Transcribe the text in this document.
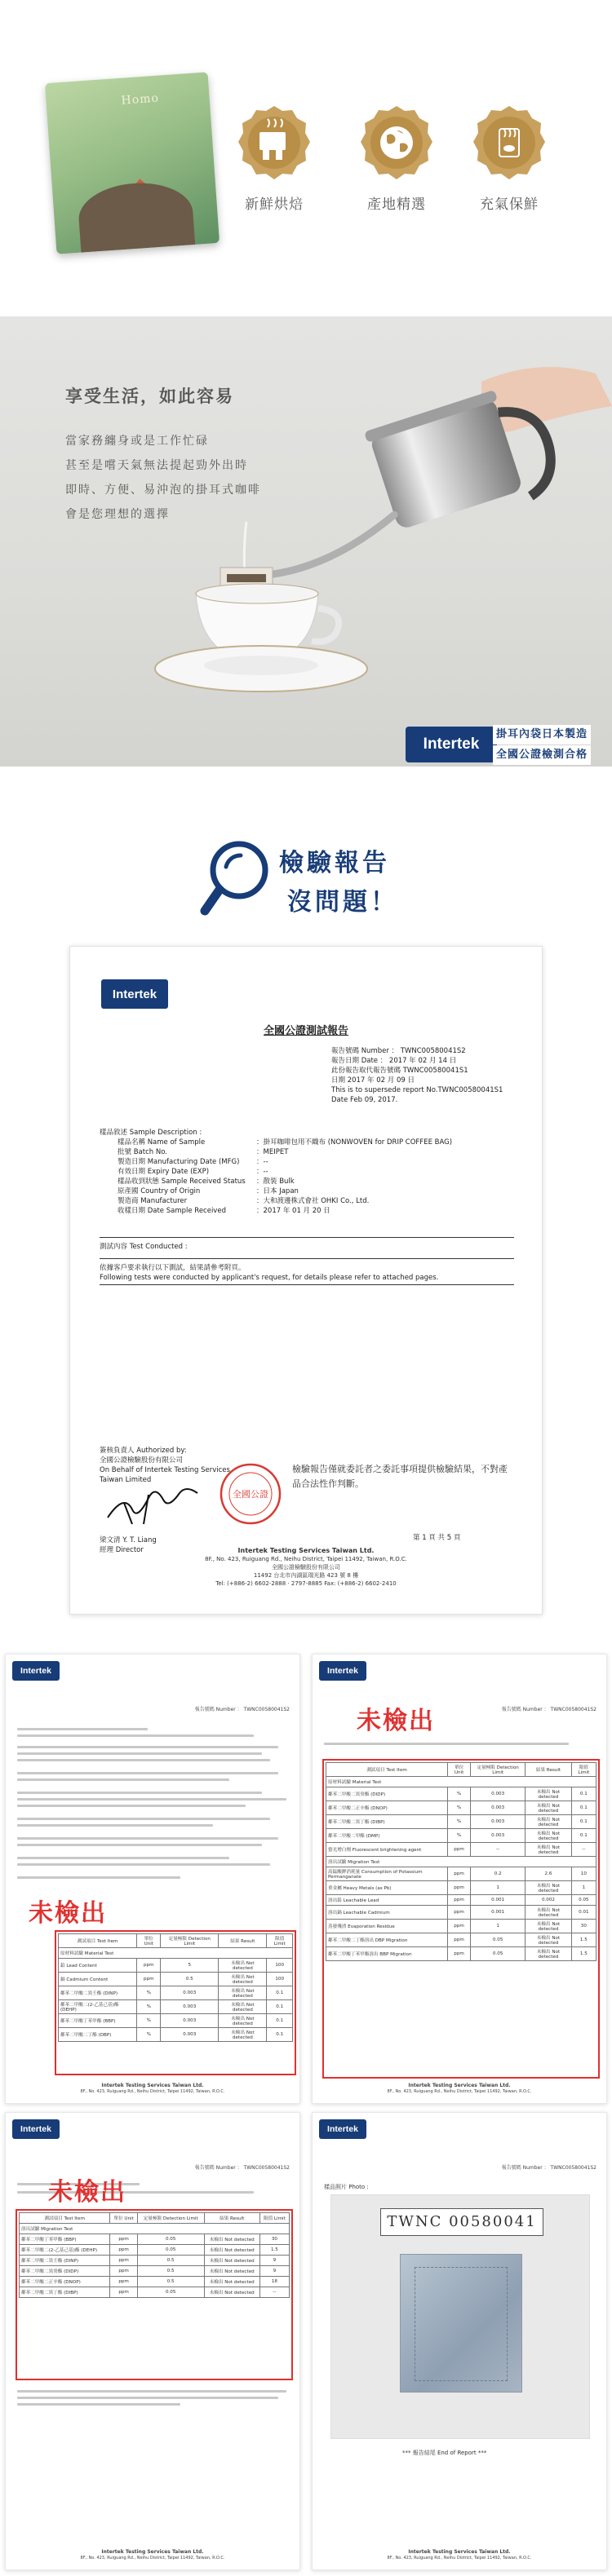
Homo
新鮮烘焙	產地精選	充氣保鮮
享受生活，如此容易

當家務纏身或是工作忙碌

甚至是嚐天氣無法提起勁外出時

即時、方便、易沖泡的掛耳式咖啡

會是您理想的選擇

Intertek

掛耳內袋日本製造

全國公證檢測合格

檢驗報告
沒問題！
Intertek
全國公證測試報告
報告號碼 Number ： TWNC00580041S2
報告日期 Date ： 2017 年 02 月 14 日
此份報告取代報告號碼 TWNC00580041S1
日期 2017 年 02 月 09 日
This is to supersede report No.TWNC00580041S1
Date Feb 09, 2017.
樣品敘述 Sample Description :
樣品名稱 Name of Sample	：掛耳咖啡包用不織布 (NONWOVEN for DRIP COFFEE BAG)
批號 Batch No.	：MEIPET
製造日期 Manufacturing Date (MFG)	：--
有效日期 Expiry Date (EXP)	：--
樣品收到狀態 Sample Received Status	：散裝 Bulk
原產國 Country of Origin	：日本 Japan
製造商 Manufacturer	：大和渡邊株式會社 OHKI Co., Ltd.
收樣日期 Date Sample Received	：2017 年 01 月 20 日
測試內容 Test Conducted :
依據客戶要求執行以下測試，結果請參考附頁。
Following tests were conducted by applicant's request, for details please refer to attached pages.
簽核負責人 Authorized by:
全國公證檢驗股份有限公司
On Behalf of Intertek Testing Services
Taiwan Limited
梁文清 Y. T. Liang
經理 Director
全國公證
檢驗報告僅就委託者之委託事項提供檢驗結果，不對產品合法性作判斷。
第 1 頁 共 5 頁
Intertek Testing Services Taiwan Ltd.
8F., No. 423, Ruiguang Rd., Neihu District, Taipei 11492, Taiwan, R.O.C.
全國公證檢驗股份有限公司
11492 台北市內湖區瑞光路 423 號 8 樓
Tel: (+886-2) 6602-2888 · 2797-8885 Fax: (+886-2) 6602-2410
Intertek
報告號碼 Number ： TWNC00580041S2
未檢出
測試項目 Test Item	單位 Unit	定量極限 Detection Limit	結果 Result	限值 Limit
原材料試驗 Material Test				
鉛 Lead Content	ppm	5	未檢出 Not detected	100
鎘 Cadmium Content	ppm	0.5	未檢出 Not detected	100
鄰苯二甲酸二異壬酯 (DINP)	%	0.003	未檢出 Not detected	0.1
鄰苯二甲酸二(2-乙基己基)酯 (DEHP)	%	0.003	未檢出 Not detected	0.1
鄰苯二甲酸丁苯甲酯 (BBP)	%	0.003	未檢出 Not detected	0.1
鄰苯二甲酸二丁酯 (DBP)	%	0.003	未檢出 Not detected	0.1
Intertek Testing Services Taiwan Ltd.
8F., No. 423, Ruiguang Rd., Neihu District, Taipei 11492, Taiwan, R.O.C.
Intertek
報告號碼 Number ： TWNC00580041S2
未檢出
測試項目 Test Item	單位 Unit	定量極限 Detection Limit	結果 Result	限值 Limit
原材料試驗 Material Test				
鄰苯二甲酸二異癸酯 (DIDP)	%	0.003	未檢出 Not detected	0.1
鄰苯二甲酸二正辛酯 (DNOP)	%	0.003	未檢出 Not detected	0.1
鄰苯二甲酸二異丁酯 (DIBP)	%	0.003	未檢出 Not detected	0.1
鄰苯二甲酸二甲酯 (DMP)	%	0.003	未檢出 Not detected	0.1
螢光增白劑 Fluorescent brightening agent	ppm	--	未檢出 Not detected	--
溶出試驗 Migration Test				
高錳酸鉀消耗量 Consumption of Potassium Permanganate	ppm	0.2	2.6	10
重金屬 Heavy Metals (as Pb)	ppm	1	未檢出 Not detected	1
溶出鉛 Leachable Lead	ppm	0.001	0.002	0.05
溶出鎘 Leachable Cadmium	ppm	0.001	未檢出 Not detected	0.01
蒸發殘渣 Evaporation Residue	ppm	1	未檢出 Not detected	30
鄰苯二甲酸二丁酯溶出 DBP Migration	ppm	0.05	未檢出 Not detected	1.5
鄰苯二甲酸丁苯甲酯溶出 BBP Migration	ppm	0.05	未檢出 Not detected	1.5
Intertek Testing Services Taiwan Ltd.
8F., No. 423, Ruiguang Rd., Neihu District, Taipei 11492, Taiwan, R.O.C.
Intertek
報告號碼 Number ： TWNC00580041S2
未檢出
測試項目 Test Item	單位 Unit	定量極限 Detection Limit	結果 Result	限值 Limit
溶出試驗 Migration Test				
鄰苯二甲酸丁苯甲酯 (BBP)	ppm	0.05	未檢出 Not detected	30
鄰苯二甲酸二(2-乙基己基)酯 (DEHP)	ppm	0.05	未檢出 Not detected	1.5
鄰苯二甲酸二異壬酯 (DINP)	ppm	0.5	未檢出 Not detected	9
鄰苯二甲酸二異癸酯 (DIDP)	ppm	0.5	未檢出 Not detected	9
鄰苯二甲酸二正辛酯 (DNOP)	ppm	0.5	未檢出 Not detected	18
鄰苯二甲酸二異丁酯 (DIBP)	ppm	0.05	未檢出 Not detected	--
Intertek Testing Services Taiwan Ltd.
8F., No. 423, Ruiguang Rd., Neihu District, Taipei 11492, Taiwan, R.O.C.
Intertek
報告號碼 Number ： TWNC00580041S2
樣品照片 Photo :
TWNC 00580041
*** 報告結尾 End of Report ***
Intertek Testing Services Taiwan Ltd.
8F., No. 423, Ruiguang Rd., Neihu District, Taipei 11492, Taiwan, R.O.C.
